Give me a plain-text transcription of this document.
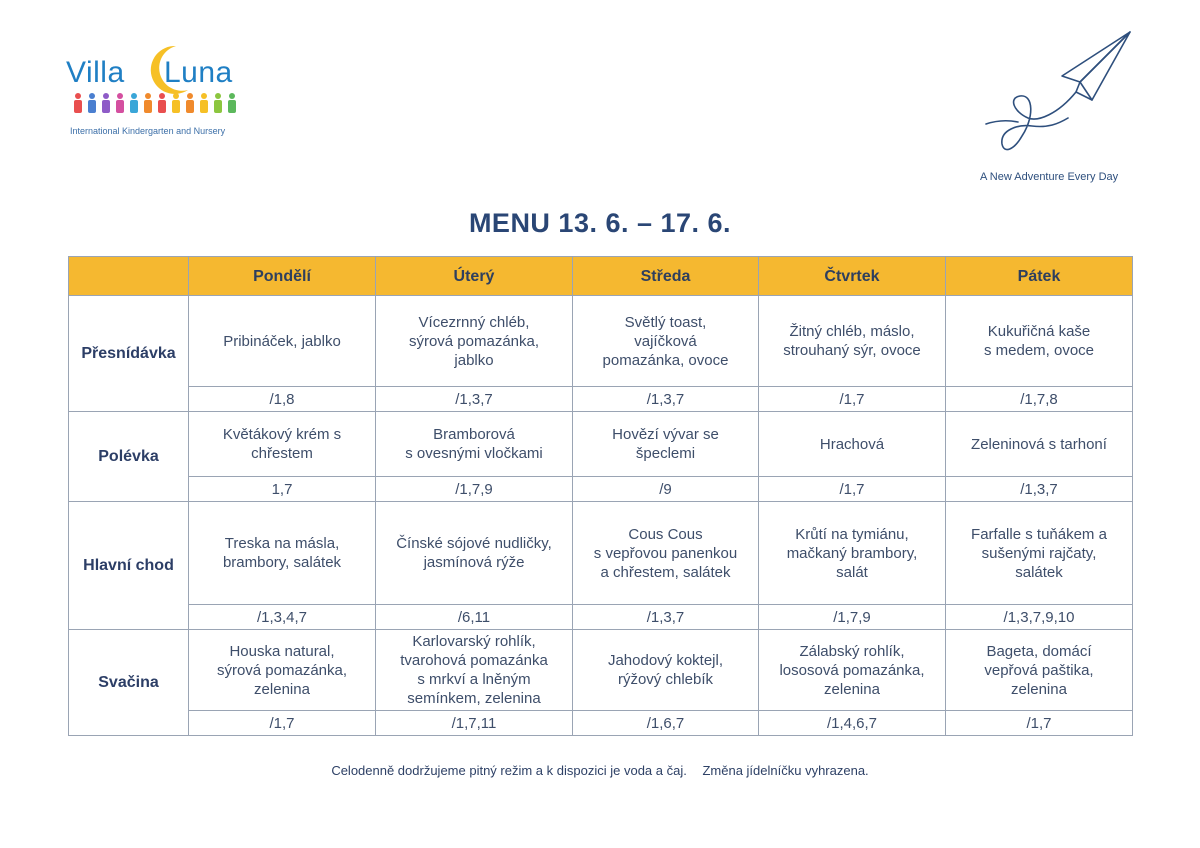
Villa Luna
International Kindergarten and Nursery
A New Adventure Every Day
MENU 13. 6. – 17. 6.
	Pondělí	Úterý	Středa	Čtvrtek	Pátek
Přesnídávka	Pribináček, jablko	Vícezrnný chléb,
sýrová pomazánka,
jablko	Světlý toast,
vajíčková
pomazánka, ovoce	Žitný chléb, máslo,
strouhaný sýr, ovoce	Kukuřičná kaše
s medem, ovoce
	/1,8	/1,3,7	/1,3,7	/1,7	/1,7,8
Polévka	Květákový krém s
chřestem	Bramborová
s ovesnými vločkami	Hovězí vývar se
špeclemi	Hrachová	Zeleninová s tarhoní
	1,7	/1,7,9	/9	/1,7	/1,3,7
Hlavní chod	Treska na másla,
brambory, salátek	Čínské sójové nudličky,
jasmínová rýže	Cous Cous
s vepřovou panenkou
a chřestem, salátek	Krůtí na tymiánu,
mačkaný brambory,
salát	Farfalle s tuňákem a
sušenými rajčaty,
salátek
	/1,3,4,7	/6,11	/1,3,7	/1,7,9	/1,3,7,9,10
Svačina	Houska natural,
sýrová pomazánka,
zelenina	Karlovarský rohlík,
tvarohová pomazánka
s mrkví a lněným
semínkem, zelenina	Jahodový koktejl,
rýžový chlebík	Zálabský rohlík,
lososová pomazánka,
zelenina	Bageta, domácí
vepřová paštika,
zelenina
	/1,7	/1,7,11	/1,6,7	/1,4,6,7	/1,7
Celodenně dodržujeme pitný režim a k dispozici je voda a čaj. Změna jídelníčku vyhrazena.
